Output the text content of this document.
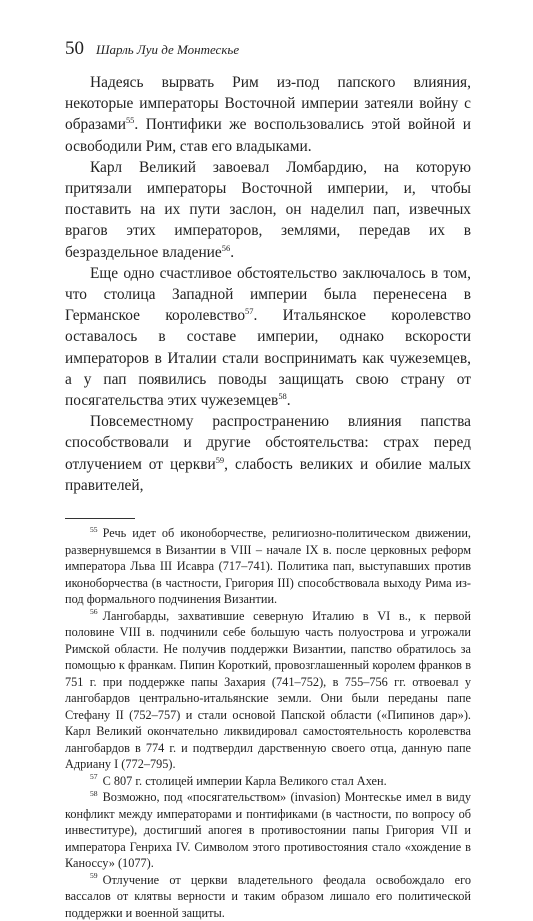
50 Шарль Луи де Монтескье

Надеясь вырвать Рим из-под папского влияния, некоторые императоры Восточной империи затеяли войну с образами$^{55}$. Понтифики же воспользовались этой войной и освободили Рим, став его владыками.

Карл Великий завоевал Ломбардию, на которую притязали императоры Восточной империи, и, чтобы поставить на их пути заслон, он наделил пап, извечных врагов этих императоров, землями, передав их в безраздельное владение$^{56}$.

Еще одно счастливое обстоятельство заключалось в том, что столица Западной империи была перенесена в Германское королевство$^{57}$. Итальянское королевство оставалось в составе империи, однако вскорости императоров в Италии стали воспринимать как чужеземцев, а у пап появились поводы защищать свою страну от посягательства этих чужеземцев$^{58}$.

Повсеместному распространению влияния папства способствовали и другие обстоятельства: страх перед отлучением от церкви$^{59}$, слабость великих и обилие малых правителей,

$^{55}$ Речь идет об иконоборчестве, религиозно-политическом движении, развернувшемся в Византии в VIII – начале IX в. после церковных реформ императора Льва III Исавра (717–741). Политика пап, выступавших против иконоборчества (в частности, Григория III) способствовала выходу Рима из-под формального подчинения Византии.

$^{56}$ Лангобарды, захватившие северную Италию в VI в., к первой половине VIII в. подчинили себе большую часть полуострова и угрожали Римской области. Не получив поддержки Византии, папство обратилось за помощью к франкам. Пипин Короткий, провозглашенный королем франков в 751 г. при поддержке папы Захария (741–752), в 755–756 гг. отвоевал у лангобардов центрально-итальянские земли. Они были переданы папе Стефану II (752–757) и стали основой Папской области («Пипинов дар»). Карл Великий окончательно ликвидировал самостоятельность королевства лангобардов в 774 г. и подтвердил дарственную своего отца, данную папе Адриану I (772–795).

$^{57}$ С 807 г. столицей империи Карла Великого стал Ахен.

$^{58}$ Возможно, под «посягательством» (invasion) Монтескье имел в виду конфликт между императорами и понтификами (в частности, по вопросу об инвеституре), достигший апогея в противостоянии папы Григория VII и императора Генриха IV. Символом этого противостояния стало «хождение в Каноссу» (1077).

$^{59}$ Отлучение от церкви владетельного феодала освобождало его вассалов от клятвы верности и таким образом лишало его политической поддержки и военной защиты.
